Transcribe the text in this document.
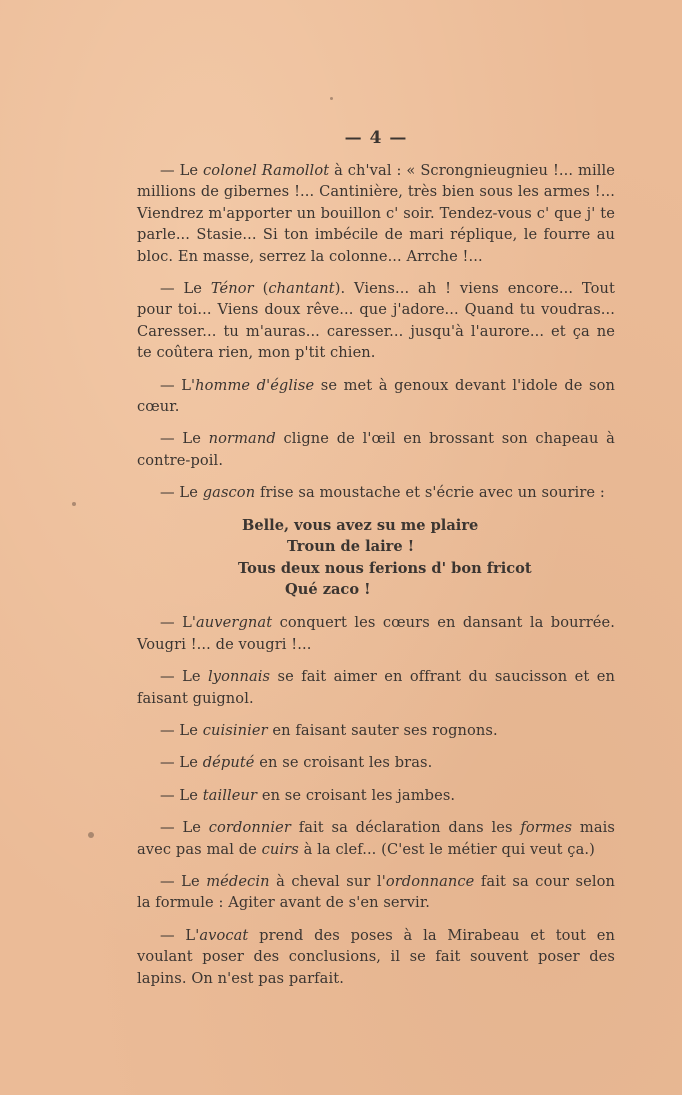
— 4 —

— Le colonel Ramollot à ch'val : « Scrongnieugnieu !... mille millions de gibernes !... Cantinière, très bien sous les armes !... Viendrez m'apporter un bouillon c' soir. Tendez-vous c' que j' te parle... Stasie... Si ton imbécile de mari réplique, le fourre au bloc. En masse, serrez la colonne... Arrche !...

— Le Ténor (chantant). Viens... ah ! viens encore... Tout pour toi... Viens doux rêve... que j'adore... Quand tu voudras... Caresser... tu m'auras... caresser... jusqu'à l'aurore... et ça ne te coûtera rien, mon p'tit chien.

— L'homme d'église se met à genoux devant l'idole de son cœur.

— Le normand cligne de l'œil en brossant son chapeau à contre-poil.

— Le gascon frise sa moustache et s'écrie avec un sourire :

Belle, vous avez su me plaire
Troun de laire !
Tous deux nous ferions d' bon fricot
Qué zaco !

— L'auvergnat conquert les cœurs en dansant la bourrée. Vougri !... de vougri !...

— Le lyonnais se fait aimer en offrant du saucisson et en faisant guignol.

— Le cuisinier en faisant sauter ses rognons.

— Le député en se croisant les bras.

— Le tailleur en se croisant les jambes.

— Le cordonnier fait sa déclaration dans les formes mais avec pas mal de cuirs à la clef... (C'est le métier qui veut ça.)

— Le médecin à cheval sur l'ordonnance fait sa cour selon la formule : Agiter avant de s'en servir.

— L'avocat prend des poses à la Mirabeau et tout en voulant poser des conclusions, il se fait souvent poser des lapins. On n'est pas parfait.
